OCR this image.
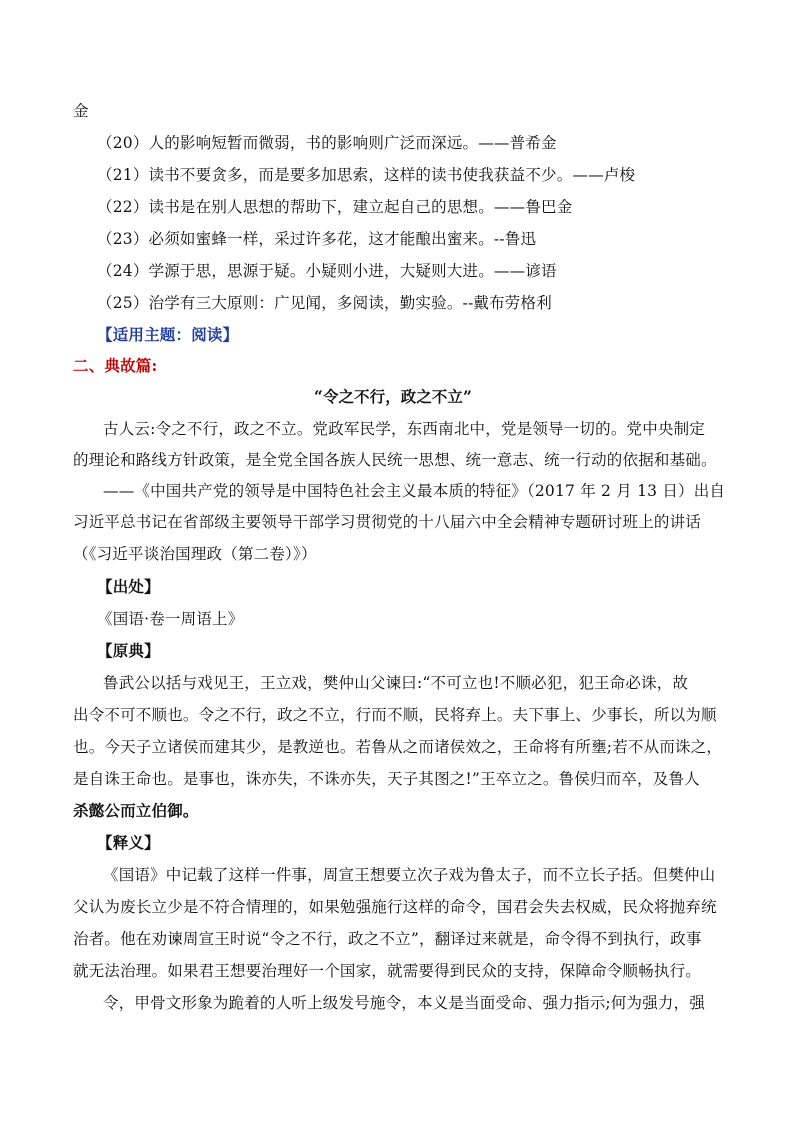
金
（20）人的影响短暂而微弱，书的影响则广泛而深远。——普希金
（21）读书不要贪多，而是要多加思索，这样的读书使我获益不少。——卢梭
（22）读书是在别人思想的帮助下，建立起自己的思想。——鲁巴金
（23）必须如蜜蜂一样，采过许多花，这才能酿出蜜来。--鲁迅
（24）学源于思，思源于疑。小疑则小进，大疑则大进。——谚语
（25）治学有三大原则：广见闻，多阅读，勤实验。--戴布劳格利
【适用主题：阅读】
二、典故篇:
“令之不行，政之不立”
古人云:令之不行，政之不立。党政军民学，东西南北中，党是领导一切的。党中央制定
的理论和路线方针政策，是全党全国各族人民统一思想、统一意志、统一行动的依据和基础。
——《中国共产党的领导是中国特色社会主义最本质的特征》（2017 年 2 月 13 日）出自
习近平总书记在省部级主要领导干部学习贯彻党的十八届六中全会精神专题研讨班上的讲话
（《习近平谈治国理政（第二卷）》）
【出处】
《国语·卷一周语上》
【原典】
鲁武公以括与戏见王，王立戏，樊仲山父谏曰:“不可立也!不顺必犯，犯王命必诛，故
出令不可不顺也。令之不行，政之不立，行而不顺，民将弃上。夫下事上、少事长，所以为顺
也。今天子立诸侯而建其少，是教逆也。若鲁从之而诸侯效之，王命将有所壅;若不从而诛之，
是自诛王命也。是事也，诛亦失，不诛亦失，天子其图之!”王卒立之。鲁侯归而卒，及鲁人
杀懿公而立伯御。
【释义】
《国语》中记载了这样一件事，周宣王想要立次子戏为鲁太子，而不立长子括。但樊仲山
父认为废长立少是不符合情理的，如果勉强施行这样的命令，国君会失去权威，民众将抛弃统
治者。他在劝谏周宣王时说“令之不行，政之不立”，翻译过来就是，命令得不到执行，政事
就无法治理。如果君王想要治理好一个国家，就需要得到民众的支持，保障命令顺畅执行。
令，甲骨文形象为跪着的人听上级发号施令，本义是当面受命、强力指示;何为强力，强
